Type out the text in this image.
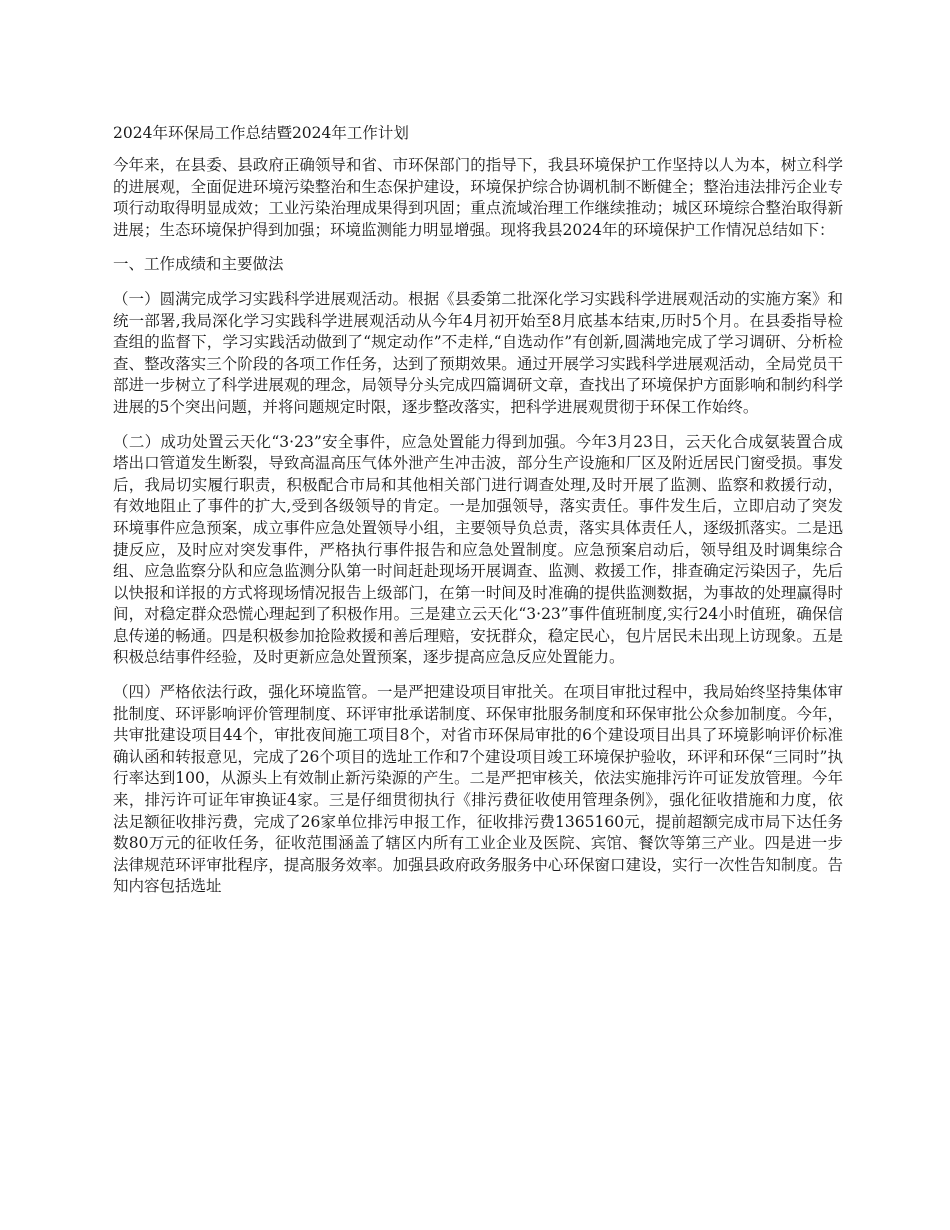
2024年环保局工作总结暨2024年工作计划

今年来，在县委、县政府正确领导和省、市环保部门的指导下，我县环境保护工作坚持以人为本，树立科学的进展观，全面促进环境污染整治和生态保护建设，环境保护综合协调机制不断健全；整治违法排污企业专项行动取得明显成效；工业污染治理成果得到巩固；重点流域治理工作继续推动；城区环境综合整治取得新进展；生态环境保护得到加强；环境监测能力明显增强。现将我县2024年的环境保护工作情况总结如下：

一、工作成绩和主要做法

（一）圆满完成学习实践科学进展观活动。根据《县委第二批深化学习实践科学进展观活动的实施方案》和统一部署,我局深化学习实践科学进展观活动从今年4月初开始至8月底基本结束,历时5个月。在县委指导检查组的监督下，学习实践活动做到了“规定动作”不走样,“自选动作”有创新,圆满地完成了学习调研、分析检查、整改落实三个阶段的各项工作任务，达到了预期效果。通过开展学习实践科学进展观活动，全局党员干部进一步树立了科学进展观的理念，局领导分头完成四篇调研文章，查找出了环境保护方面影响和制约科学进展的5个突出问题，并将问题规定时限，逐步整改落实，把科学进展观贯彻于环保工作始终。

（二）成功处置云天化“3·23”安全事件，应急处置能力得到加强。今年3月23日，云天化合成氨装置合成塔出口管道发生断裂，导致高温高压气体外泄产生冲击波，部分生产设施和厂区及附近居民门窗受损。事发后，我局切实履行职责，积极配合市局和其他相关部门进行调查处理,及时开展了监测、监察和救援行动，有效地阻止了事件的扩大,受到各级领导的肯定。一是加强领导，落实责任。事件发生后，立即启动了突发环境事件应急预案，成立事件应急处置领导小组，主要领导负总责，落实具体责任人，逐级抓落实。二是迅捷反应，及时应对突发事件，严格执行事件报告和应急处置制度。应急预案启动后，领导组及时调集综合组、应急监察分队和应急监测分队第一时间赶赴现场开展调查、监测、救援工作，排查确定污染因子，先后以快报和详报的方式将现场情况报告上级部门，在第一时间及时准确的提供监测数据，为事故的处理赢得时间，对稳定群众恐慌心理起到了积极作用。三是建立云天化“3·23”事件值班制度,实行24小时值班，确保信息传递的畅通。四是积极参加抢险救援和善后理赔，安抚群众，稳定民心，包片居民未出现上访现象。五是积极总结事件经验，及时更新应急处置预案，逐步提高应急反应处置能力。

（四）严格依法行政，强化环境监管。一是严把建设项目审批关。在项目审批过程中，我局始终坚持集体审批制度、环评影响评价管理制度、环评审批承诺制度、环保审批服务制度和环保审批公众参加制度。今年，共审批建设项目44个，审批夜间施工项目8个，对省市环保局审批的6个建设项目出具了环境影响评价标准确认函和转报意见，完成了26个项目的选址工作和7个建设项目竣工环境保护验收，环评和环保“三同时”执行率达到100，从源头上有效制止新污染源的产生。二是严把审核关，依法实施排污许可证发放管理。今年来，排污许可证年审换证4家。三是仔细贯彻执行《排污费征收使用管理条例》，强化征收措施和力度，依法足额征收排污费，完成了26家单位排污申报工作，征收排污费1365160元，提前超额完成市局下达任务数80万元的征收任务，征收范围涵盖了辖区内所有工业企业及医院、宾馆、餐饮等第三产业。四是进一步法律规范环评审批程序，提高服务效率。加强县政府政务服务中心环保窗口建设，实行一次性告知制度。告知内容包括选址
